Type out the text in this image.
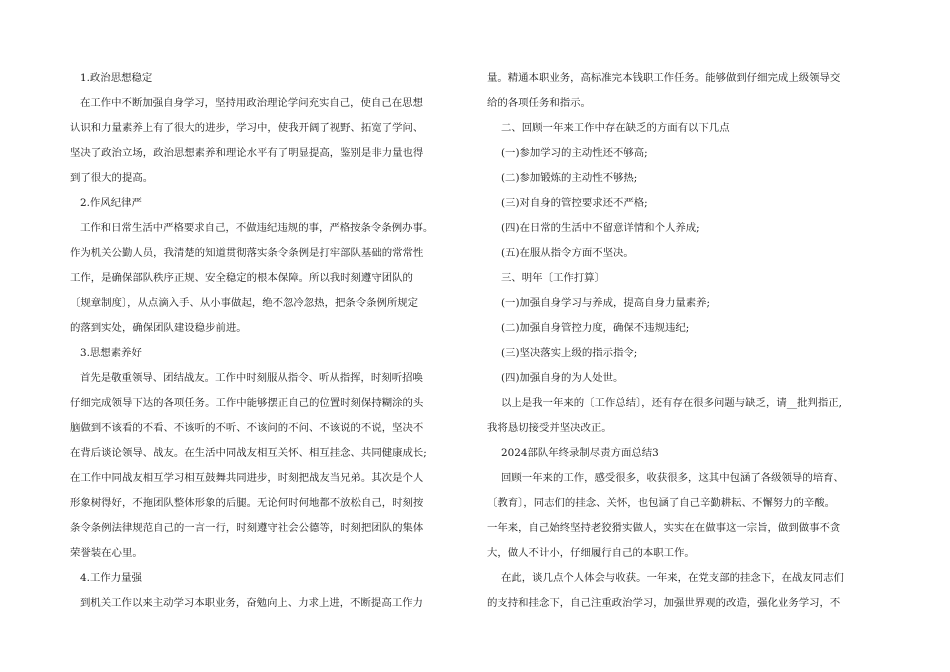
1.政治思想稳定

在工作中不断加强自身学习，坚持用政治理论学问充实自己，使自己在思想

认识和力量素养上有了很大的进步，学习中，使我开阔了视野、拓宽了学问、

坚决了政治立场，政治思想素养和理论水平有了明显提高，鉴别是非力量也得

到了很大的提高。

2.作风纪律严

工作和日常生活中严格要求自己，不做违纪违规的事，严格按条令条例办事。

作为机关公勤人员，我清楚的知道贯彻落实条令条例是打牢部队基础的常常性

工作，是确保部队秩序正规、安全稳定的根本保障。所以我时刻遵守团队的

〔规章制度〕，从点滴入手、从小事做起，绝不忽冷忽热，把条令条例所规定

的落到实处，确保团队建设稳步前进。

3.思想素养好

首先是敬重领导、团结战友。工作中时刻服从指令、听从指挥，时刻听招唤

仔细完成领导下达的各项任务。工作中能够摆正自己的位置时刻保持糊涂的头

脑做到不该看的不看、不该听的不听、不该问的不问、不该说的不说，坚决不

在背后谈论领导、战友。在生活中同战友相互关怀、相互挂念、共同健康成长;

在工作中同战友相互学习相互鼓舞共同进步，时刻把战友当兄弟。其次是个人

形象树得好，不拖团队整体形象的后腿。无论何时何地都不放松自己，时刻按

条令条例法律规范自己的一言一行，时刻遵守社会公德等，时刻把团队的集体

荣誉装在心里。

4.工作力量强

到机关工作以来主动学习本职业务，奋勉向上、力求上进，不断提高工作力

量。精通本职业务，高标准完本钱职工作任务。能够做到仔细完成上级领导交

给的各项任务和指示。

二、回顾一年来工作中存在缺乏的方面有以下几点

(一)参加学习的主动性还不够高;

(二)参加锻炼的主动性不够热;

(三)对自身的管控要求还不严格;

(四)在日常的生活中不留意详情和个人养成;

(五)在服从指令方面不坚决。

三、明年〔工作打算〕

(一)加强自身学习与养成，提高自身力量素养;

(二)加强自身管控力度，确保不违规违纪;

(三)坚决落实上级的指示指令;

(四)加强自身的为人处世。

以上是我一年来的〔工作总结〕，还有存在很多问题与缺乏，请__批判指正,

我将恳切接受并坚决改正。

2024部队年终录制尽责方面总结3

回顾一年来的工作，感受很多，收获很多，这其中包涵了各级领导的培育、

〔教育〕，同志们的挂念、关怀，也包涵了自己辛勤耕耘、不懈努力的辛酸。

一年来，自己始终坚持老狡猾实做人，实实在在做事这一宗旨，做到做事不贪

大，做人不计小，仔细履行自己的本职工作。

在此，谈几点个人体会与收获。一年来，在党支部的挂念下，在战友同志们

的支持和挂念下，自己注重政治学习，加强世界观的改造，强化业务学习，不
